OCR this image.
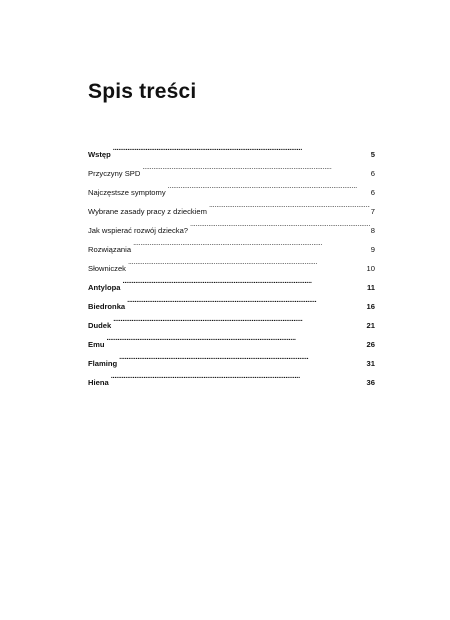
Spis treści
Wstęp . . .	5
Przyczyny SPD . . .	6
Najczęstsze symptomy . . .	6
Wybrane zasady pracy z dzieckiem . . .	7
Jak wspierać rozwój dziecka? . . .	8
Rozwiązania . . .	9
Słowniczek . . .	10
Antylopa . . .	11
Biedronka . . .	16
Dudek . . .	21
Emu . . .	26
Flaming . . .	31
Hiena . . .	36
